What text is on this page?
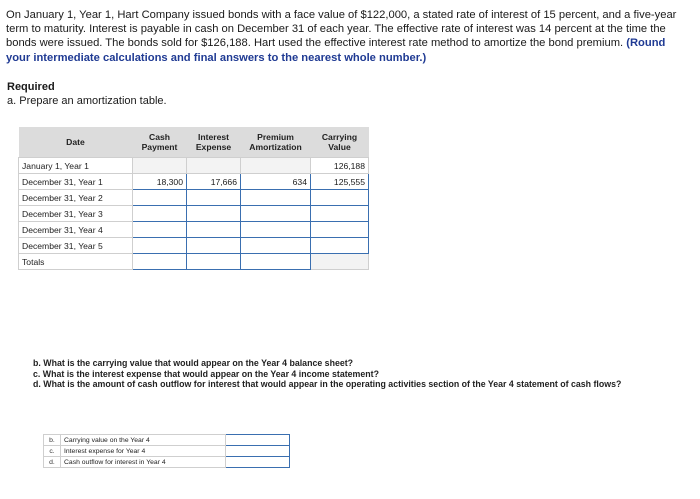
On January 1, Year 1, Hart Company issued bonds with a face value of $122,000, a stated rate of interest of 15 percent, and a five-year term to maturity. Interest is payable in cash on December 31 of each year. The effective rate of interest was 14 percent at the time the bonds were issued. The bonds sold for $126,188. Hart used the effective interest rate method to amortize the bond premium. (Round your intermediate calculations and final answers to the nearest whole number.)
Required
a. Prepare an amortization table.
Date	Cash Payment	Interest Expense	Premium Amortization	Carrying Value
January 1, Year 1				126,188
December 31, Year 1	18,300	17,666	634	125,555
December 31, Year 2				
December 31, Year 3				
December 31, Year 4				
December 31, Year 5				
Totals				
b. What is the carrying value that would appear on the Year 4 balance sheet?
c. What is the interest expense that would appear on the Year 4 income statement?
d. What is the amount of cash outflow for interest that would appear in the operating activities section of the Year 4 statement of cash flows?
b.	Carrying value on the Year 4	
c.	Interest expense for Year 4	
d.	Cash outflow for interest in Year 4	
